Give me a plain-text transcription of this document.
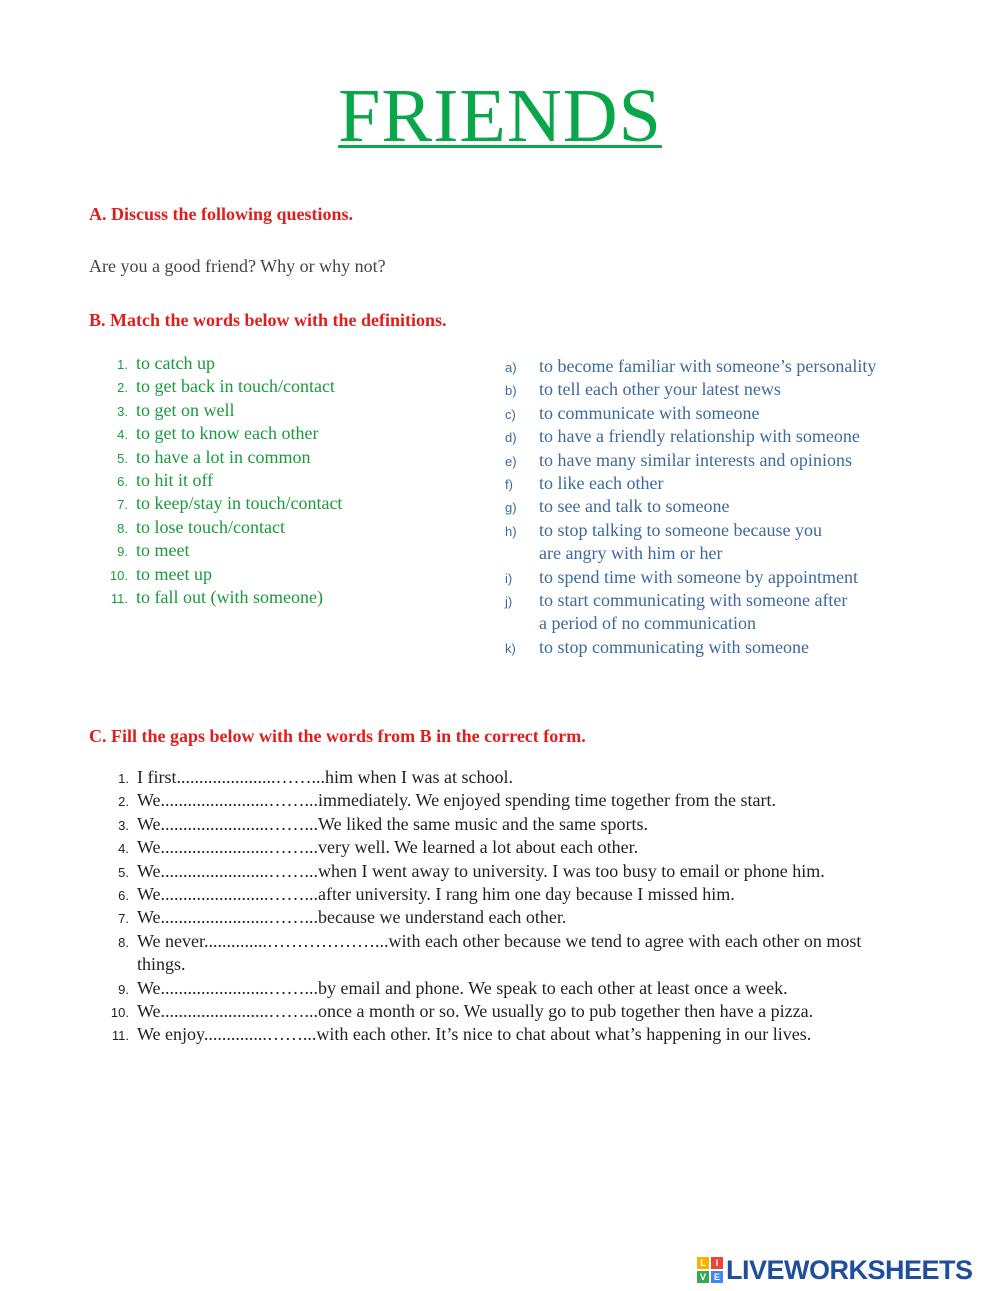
FRIENDS

A. Discuss the following questions.

Are you a good friend? Why or why not?

B. Match the words below with the definitions.

1. to catch up
2. to get back in touch/contact
3. to get on well
4. to get to know each other
5. to have a lot in common
6. to hit it off
7. to keep/stay in touch/contact
8. to lose touch/contact
9. to meet
10. to meet up
11. to fall out (with someone)
a)	to become familiar with someone’s personality
b)	to tell each other your latest news
c)	to communicate with someone
d)	to have a friendly relationship with someone
e)	to have many similar interests and opinions
f)	to like each other
g)	to see and talk to someone
h)	to stop talking to someone because you are angry with him or her
i)	to spend time with someone by appointment
j)	to start communicating with someone after a period of no communication
k)	to stop communicating with someone

C. Fill the gaps below with the words from B in the correct form.

1. I first......................……...him when I was at school.
2. We........................……...immediately. We enjoyed spending time together from the start.
3. We........................……...We liked the same music and the same sports.
4. We........................……...very well. We learned a lot about each other.
5. We........................……...when I went away to university. I was too busy to email or phone him.
6. We........................……...after university. I rang him one day because I missed him.
7. We........................……...because we understand each other.
8. We never..............………………...with each other because we tend to agree with each other on most things.
9. We........................……...by email and phone. We speak to each other at least once a week.
10. We........................……...once a month or so. We usually go to pub together then have a pizza.
11. We enjoy..............……...with each other. It’s nice to chat about what’s happening in our lives.
L	I
V E LIVEWORKSHEETS
